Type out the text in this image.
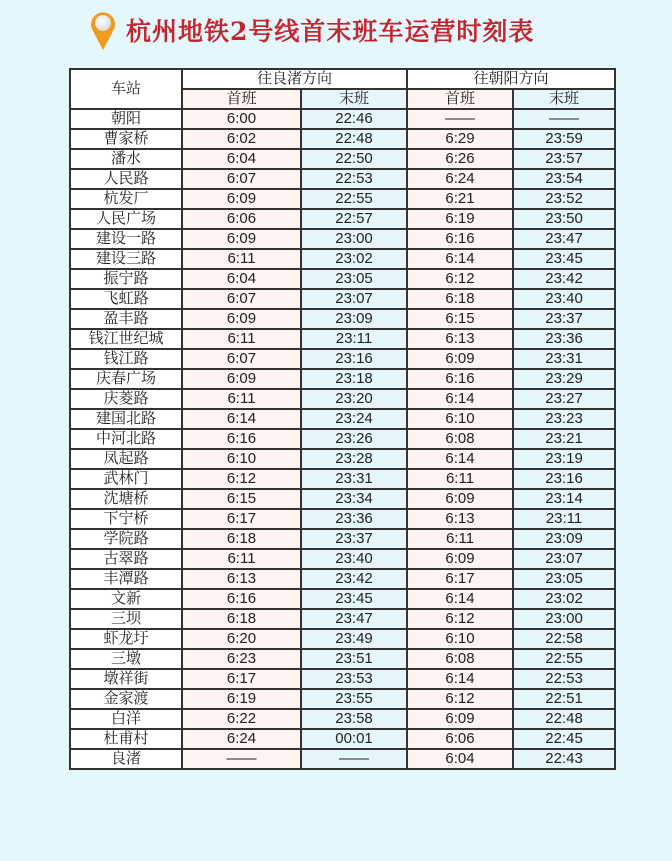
杭州地铁2号线首末班车运营时刻表
车站	往良渚方向		往朝阳方向	
	首班	末班	首班	末班
朝阳	6:00	22:46	——	——
曹家桥	6:02	22:48	6:29	23:59
潘水	6:04	22:50	6:26	23:57
人民路	6:07	22:53	6:24	23:54
杭发厂	6:09	22:55	6:21	23:52
人民广场	6:06	22:57	6:19	23:50
建设一路	6:09	23:00	6:16	23:47
建设三路	6:11	23:02	6:14	23:45
振宁路	6:04	23:05	6:12	23:42
飞虹路	6:07	23:07	6:18	23:40
盈丰路	6:09	23:09	6:15	23:37
钱江世纪城	6:11	23:11	6:13	23:36
钱江路	6:07	23:16	6:09	23:31
庆春广场	6:09	23:18	6:16	23:29
庆菱路	6:11	23:20	6:14	23:27
建国北路	6:14	23:24	6:10	23:23
中河北路	6:16	23:26	6:08	23:21
凤起路	6:10	23:28	6:14	23:19
武林门	6:12	23:31	6:11	23:16
沈塘桥	6:15	23:34	6:09	23:14
下宁桥	6:17	23:36	6:13	23:11
学院路	6:18	23:37	6:11	23:09
古翠路	6:11	23:40	6:09	23:07
丰潭路	6:13	23:42	6:17	23:05
文新	6:16	23:45	6:14	23:02
三坝	6:18	23:47	6:12	23:00
虾龙圩	6:20	23:49	6:10	22:58
三墩	6:23	23:51	6:08	22:55
墩祥街	6:17	23:53	6:14	22:53
金家渡	6:19	23:55	6:12	22:51
白洋	6:22	23:58	6:09	22:48
杜甫村	6:24	00:01	6:06	22:45
良渚	——	——	6:04	22:43
